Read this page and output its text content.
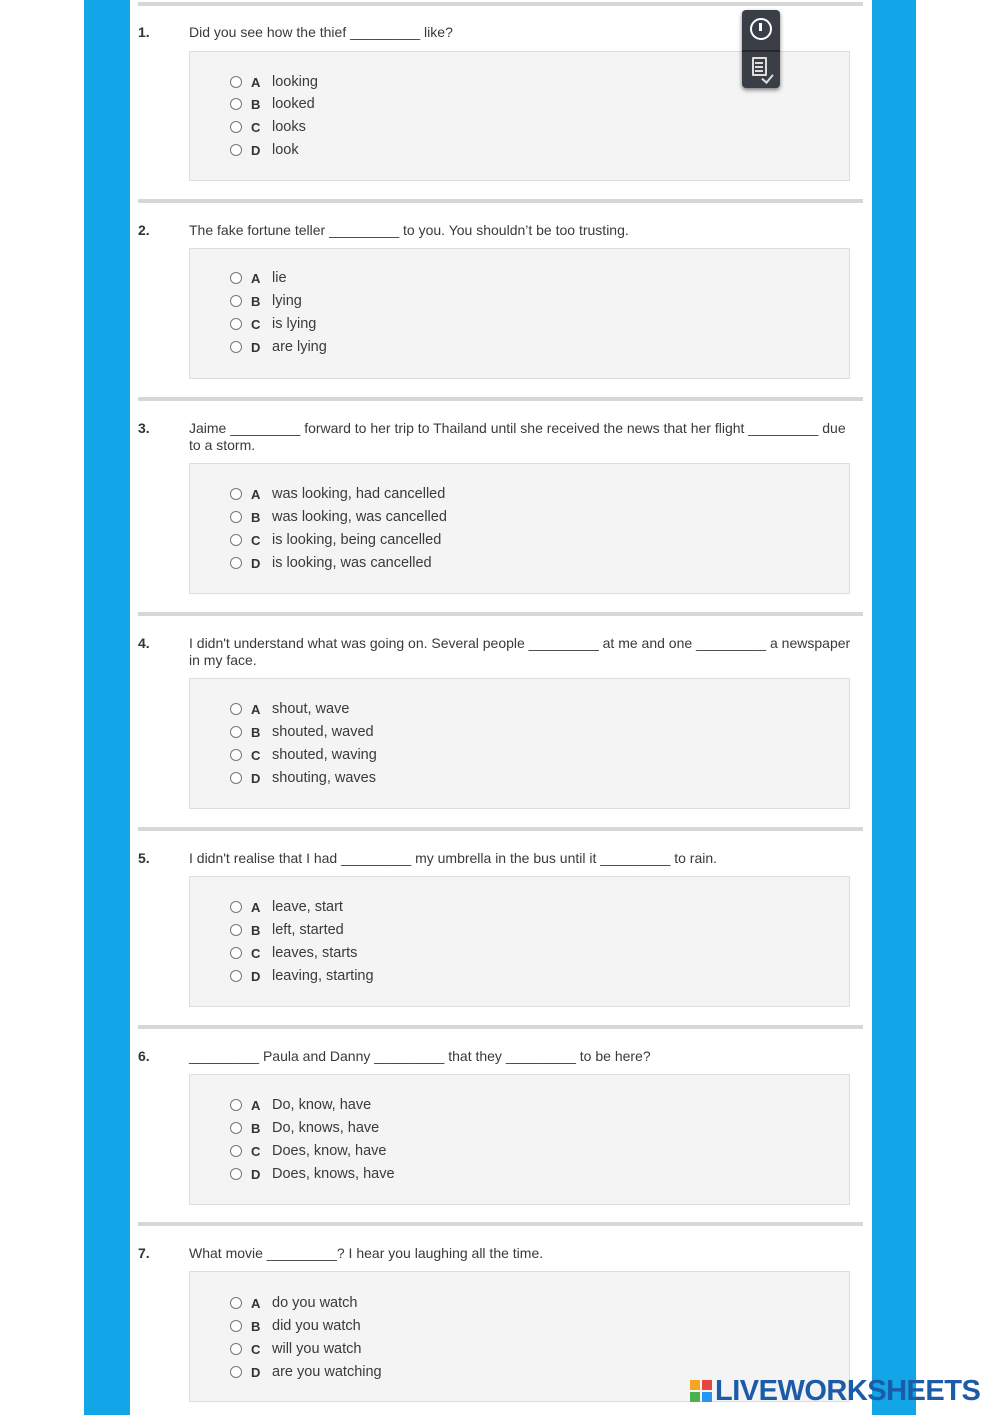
1.	Did you see how the thief _________ like?
A looking
B looked
C looks
D look
2.	The fake fortune teller _________ to you. You shouldn’t be too trusting.
A lie
B lying
C is lying
D are lying
3.	Jaime _________ forward to her trip to Thailand until she received the news that her flight _________ due to a storm.
A was looking, had cancelled
B was looking, was cancelled
C is looking, being cancelled
D is looking, was cancelled
4.	I didn't understand what was going on. Several people _________ at me and one _________ a newspaper in my face.
A shout, wave
B shouted, waved
C shouted, waving
D shouting, waves
5.	I didn't realise that I had _________ my umbrella in the bus until it _________ to rain.
A leave, start
B left, started
C leaves, starts
D leaving, starting
6.	_________ Paula and Danny _________ that they _________ to be here?
A Do, know, have
B Do, knows, have
C Does, know, have
D Does, knows, have
7.	What movie _________? I hear you laughing all the time.
A do you watch
B did you watch
C will you watch
D are you watching
LIVEWORKSHEETS
